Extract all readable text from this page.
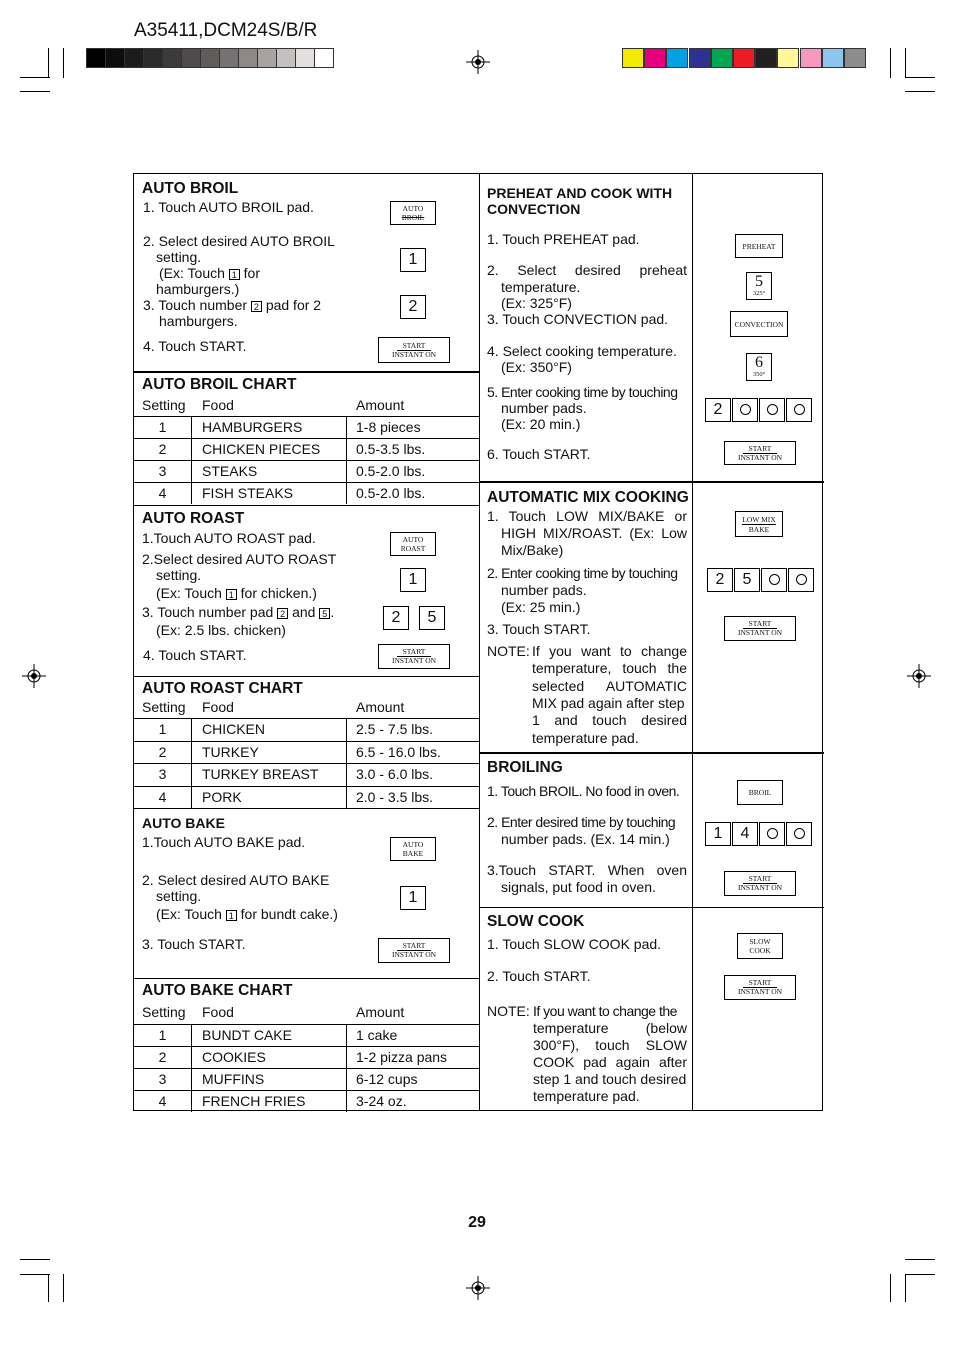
A35411,DCM24S/B/R
29
AUTO BROIL
1. Touch AUTO BROIL pad.
2. Select desired AUTO BROIL
setting.
(Ex: Touch 1 for
hamburgers.)
3. Touch number 2 pad for 2
hamburgers.
4. Touch START.
AUTO
BROIL
1
2
START
INSTANT ON
AUTO BROIL CHART
Setting Food	Amount
1	HAMBURGERS	1-8 pieces
2	CHICKEN PIECES	0.5-3.5 lbs.
3	STEAKS	0.5-2.0 lbs.
4	FISH STEAKS	0.5-2.0 lbs.
AUTO ROAST
1.Touch AUTO ROAST pad.
2.Select desired AUTO ROAST
setting.
(Ex: Touch 1 for chicken.)
3. Touch number pad 2 and 5 .
(Ex: 2.5 lbs. chicken)
4. Touch START.
AUTO
ROAST
1
2	5
START
INSTANT ON
AUTO ROAST CHART
Setting Food	Amount
1	CHICKEN	2.5 - 7.5 lbs.
2	TURKEY	6.5 - 16.0 lbs.
3	TURKEY BREAST	3.0 - 6.0 lbs.
4	PORK	2.0 - 3.5 lbs.
AUTO BAKE
1.Touch AUTO BAKE pad.
2. Select desired AUTO BAKE
setting.
(Ex: Touch 1 for bundt cake.)
3. Touch START.
AUTO
BAKE
1
START
INSTANT ON
AUTO BAKE CHART
Setting Food	Amount
1	BUNDT CAKE	1 cake
2	COOKIES	1-2 pizza pans
3	MUFFINS	6-12 cups
4	FRENCH FRIES	3-24 oz.
PREHEAT AND COOK WITH
CONVECTION
1. Touch PREHEAT pad.
2. Select desired preheat
temperature.
(Ex: 325°F)
3. Touch CONVECTION pad.
4. Select cooking temperature.
(Ex: 350°F)
5. Enter cooking time by touching
number pads.
(Ex: 20 min.)
6. Touch START.
PREHEAT
5
325°
CONVECTION
6
350°
2
START
INSTANT ON
AUTOMATIC MIX COOKING
1. Touch LOW MIX/BAKE or
HIGH MIX/ROAST. (Ex: Low
Mix/Bake)
2. Enter cooking time by touching
number pads.
(Ex: 25 min.)
3. Touch START.
NOTE: If you want to change
temperature, touch the
selected AUTOMATIC
MIX pad again after step
1 and touch desired
temperature pad.
LOW MIX
BAKE
2	5
START
INSTANT ON
BROILING
1. Touch BROIL. No food in oven.
2. Enter desired time by touching
number pads. (Ex. 14 min.)
3.Touch START. When oven
signals, put food in oven.
BROIL
1	4
START
INSTANT ON
SLOW COOK
1. Touch SLOW COOK pad.
2. Touch START.
NOTE: If you want to change the
temperature (below
300°F), touch SLOW
COOK pad again after
step 1 and touch desired
temperature pad.
SLOW
COOK
START
INSTANT ON
